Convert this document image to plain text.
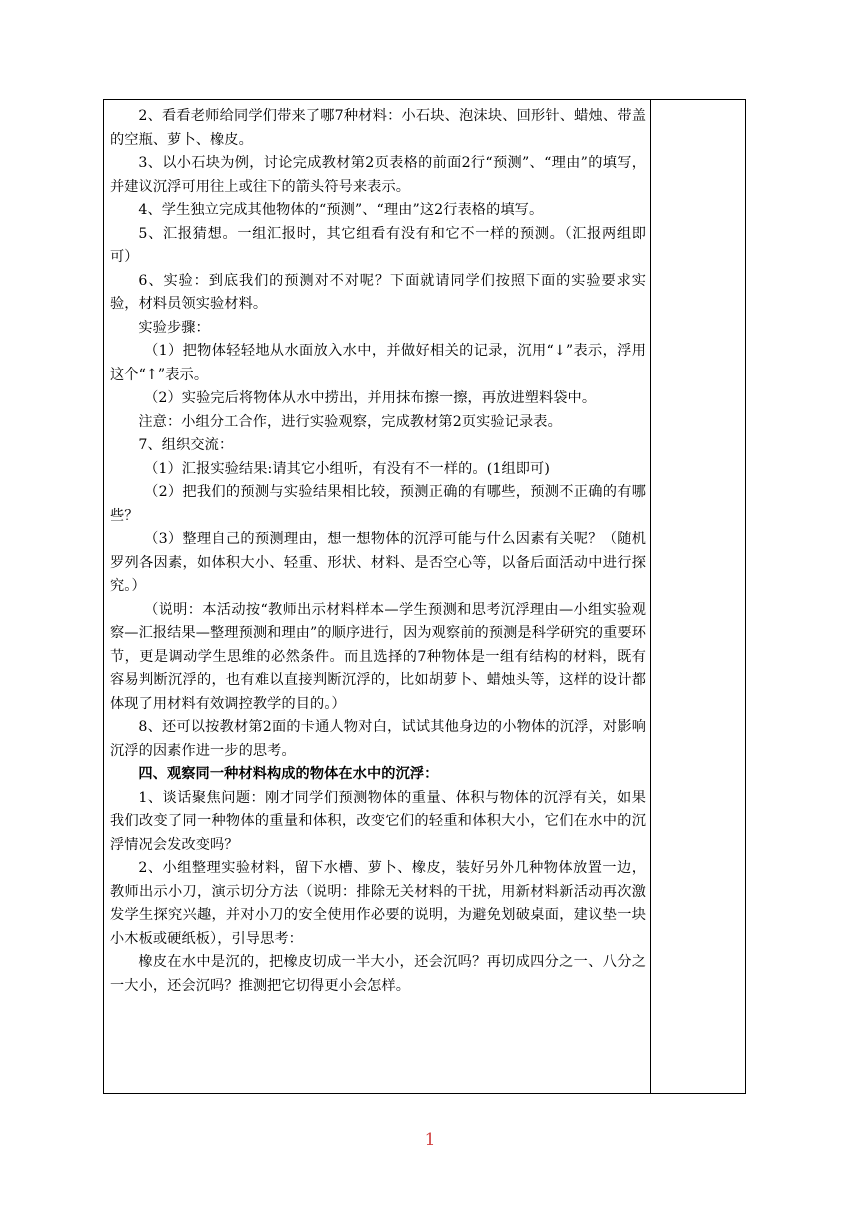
2、看看老师给同学们带来了哪7种材料：小石块、泡沫块、回形针、蜡烛、带盖的空瓶、萝卜、橡皮。

3、以小石块为例，讨论完成教材第2页表格的前面2行“预测”、“理由”的填写，并建议沉浮可用往上或往下的箭头符号来表示。

4、学生独立完成其他物体的“预测”、“理由”这2行表格的填写。

5、汇报猜想。一组汇报时，其它组看有没有和它不一样的预测。（汇报两组即可）

6、实验：到底我们的预测对不对呢？下面就请同学们按照下面的实验要求实验，材料员领实验材料。

实验步骤：

（1）把物体轻轻地从水面放入水中，并做好相关的记录，沉用“↓”表示，浮用这个“↑”表示。

（2）实验完后将物体从水中捞出，并用抹布擦一擦，再放进塑料袋中。

注意：小组分工合作，进行实验观察，完成教材第2页实验记录表。

7、组织交流：

（1）汇报实验结果:请其它小组听，有没有不一样的。(1组即可)

（2）把我们的预测与实验结果相比较，预测正确的有哪些，预测不正确的有哪些？

（3）整理自己的预测理由，想一想物体的沉浮可能与什么因素有关呢？（随机罗列各因素，如体积大小、轻重、形状、材料、是否空心等，以备后面活动中进行探究。）

（说明：本活动按“教师出示材料样本—学生预测和思考沉浮理由—小组实验观察—汇报结果—整理预测和理由”的顺序进行，因为观察前的预测是科学研究的重要环节，更是调动学生思维的必然条件。而且选择的7种物体是一组有结构的材料，既有容易判断沉浮的，也有难以直接判断沉浮的，比如胡萝卜、蜡烛头等，这样的设计都体现了用材料有效调控教学的目的。）

8、还可以按教材第2面的卡通人物对白，试试其他身边的小物体的沉浮，对影响沉浮的因素作进一步的思考。

四、观察同一种材料构成的物体在水中的沉浮：

1、谈话聚焦问题：刚才同学们预测物体的重量、体积与物体的沉浮有关，如果我们改变了同一种物体的重量和体积，改变它们的轻重和体积大小，它们在水中的沉浮情况会发改变吗？

2、小组整理实验材料，留下水槽、萝卜、橡皮，装好另外几种物体放置一边，教师出示小刀，演示切分方法（说明：排除无关材料的干扰，用新材料新活动再次激发学生探究兴趣，并对小刀的安全使用作必要的说明，为避免划破桌面，建议垫一块小木板或硬纸板），引导思考：

橡皮在水中是沉的，把橡皮切成一半大小，还会沉吗？再切成四分之一、八分之一大小，还会沉吗？推测把它切得更小会怎样。

1
